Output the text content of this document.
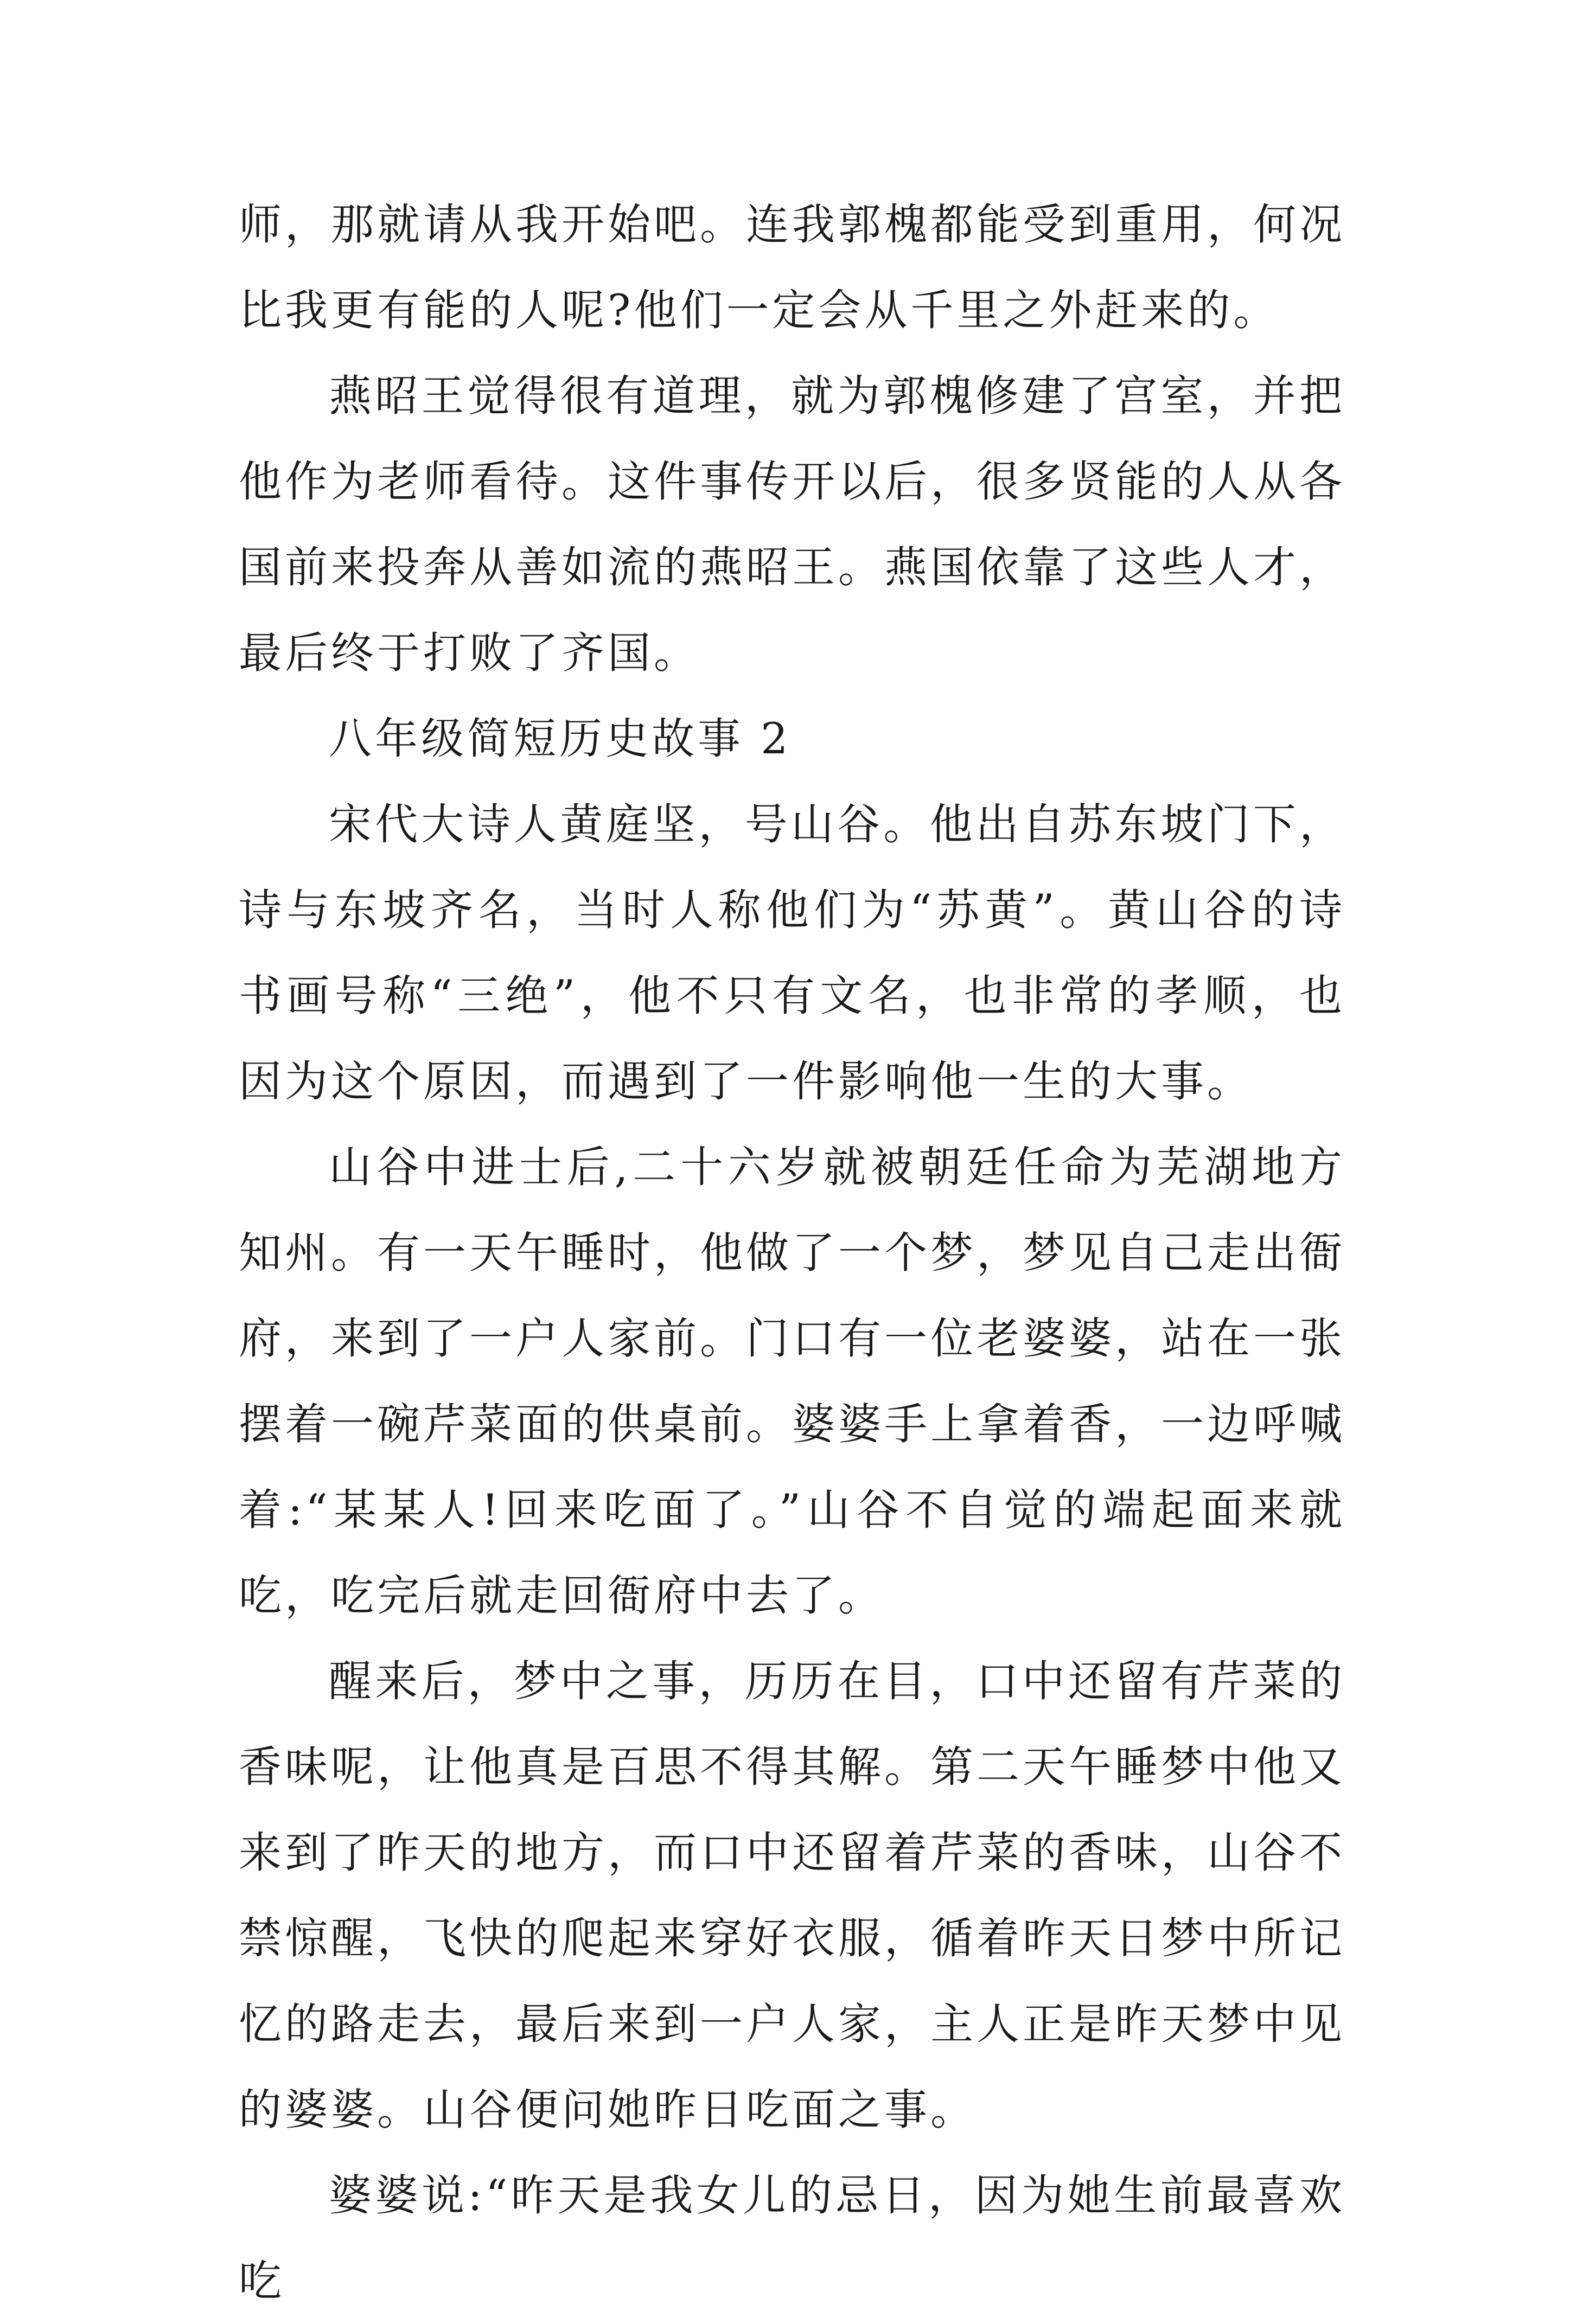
师，那就请从我开始吧。连我郭槐都能受到重用，何况比我更有能的人呢?他们一定会从千里之外赶来的。

燕昭王觉得很有道理，就为郭槐修建了宫室，并把他作为老师看待。这件事传开以后，很多贤能的人从各国前来投奔从善如流的燕昭王。燕国依靠了这些人才，最后终于打败了齐国。

八年级简短历史故事 2

宋代大诗人黄庭坚，号山谷。他出自苏东坡门下，诗与东坡齐名，当时人称他们为“苏黄”。黄山谷的诗书画号称“三绝”，他不只有文名，也非常的孝顺，也因为这个原因，而遇到了一件影响他一生的大事。

山谷中进士后,二十六岁就被朝廷任命为芜湖地方知州。有一天午睡时，他做了一个梦，梦见自己走出衙府，来到了一户人家前。门口有一位老婆婆，站在一张摆着一碗芹菜面的供桌前。婆婆手上拿着香，一边呼喊着:“某某人!回来吃面了。”山谷不自觉的端起面来就吃，吃完后就走回衙府中去了。

醒来后，梦中之事，历历在目，口中还留有芹菜的香味呢，让他真是百思不得其解。第二天午睡梦中他又来到了昨天的地方，而口中还留着芹菜的香味，山谷不禁惊醒，飞快的爬起来穿好衣服，循着昨天日梦中所记忆的路走去，最后来到一户人家，主人正是昨天梦中见的婆婆。山谷便问她昨日吃面之事。

婆婆说:“昨天是我女儿的忌日，因为她生前最喜欢吃
